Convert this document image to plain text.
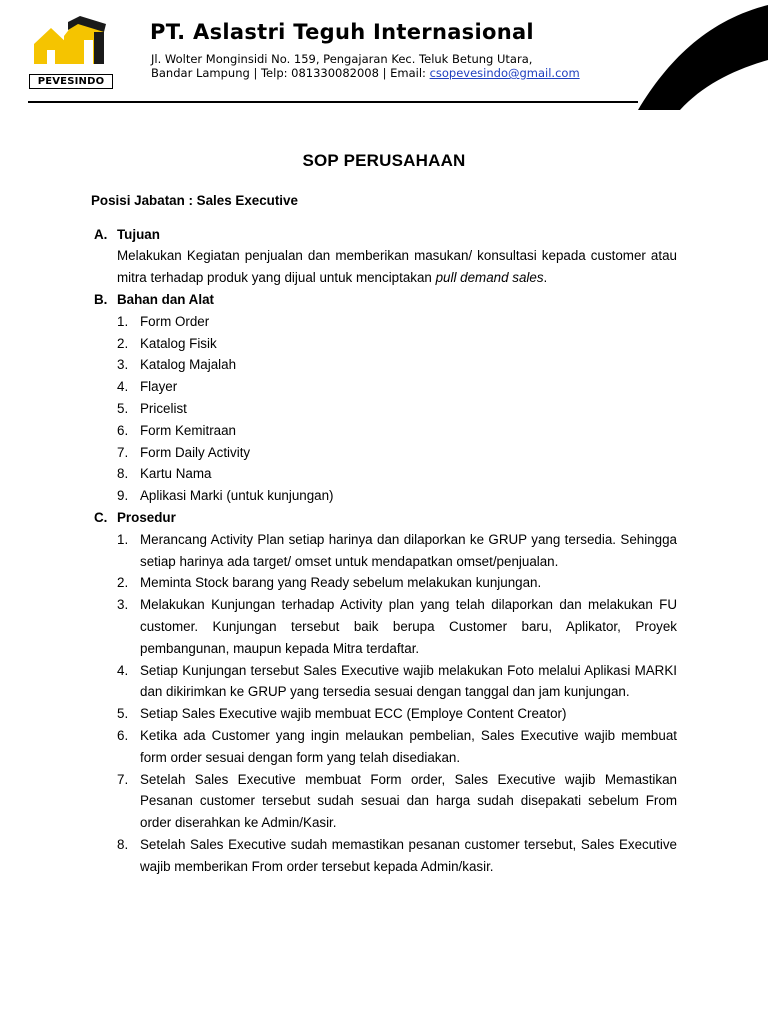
PEVESINDO
PT. Aslastri Teguh Internasional
Jl. Wolter Monginsidi No. 159, Pengajaran Kec. Teluk Betung Utara,
Bandar Lampung | Telp: 081330082008 | Email: csopevesindo@gmail.com
SOP PERUSAHAAN
Posisi Jabatan : Sales Executive
A. Tujuan
Melakukan Kegiatan penjualan dan memberikan masukan/ konsultasi kepada customer atau mitra terhadap produk yang dijual untuk menciptakan pull demand sales.
B. Bahan dan Alat
1. Form Order
2. Katalog Fisik
3. Katalog Majalah
4. Flayer
5. Pricelist
6. Form Kemitraan
7. Form Daily Activity
8. Kartu Nama
9. Aplikasi Marki (untuk kunjungan)
C. Prosedur
1. Merancang Activity Plan setiap harinya dan dilaporkan ke GRUP yang tersedia. Sehingga setiap harinya ada target/ omset untuk mendapatkan omset/penjualan.
2. Meminta Stock barang yang Ready sebelum melakukan kunjungan.
3. Melakukan Kunjungan terhadap Activity plan yang telah dilaporkan dan melakukan FU customer. Kunjungan tersebut baik berupa Customer baru, Aplikator, Proyek pembangunan, maupun kepada Mitra terdaftar.
4. Setiap Kunjungan tersebut Sales Executive wajib melakukan Foto melalui Aplikasi MARKI dan dikirimkan ke GRUP yang tersedia sesuai dengan tanggal dan jam kunjungan.
5. Setiap Sales Executive wajib membuat ECC (Employe Content Creator)
6. Ketika ada Customer yang ingin melaukan pembelian, Sales Executive wajib membuat form order sesuai dengan form yang telah disediakan.
7. Setelah Sales Executive membuat Form order, Sales Executive wajib Memastikan Pesanan customer tersebut sudah sesuai dan harga sudah disepakati sebelum From order diserahkan ke Admin/Kasir.
8. Setelah Sales Executive sudah memastikan pesanan customer tersebut, Sales Executive wajib memberikan From order tersebut kepada Admin/kasir.
